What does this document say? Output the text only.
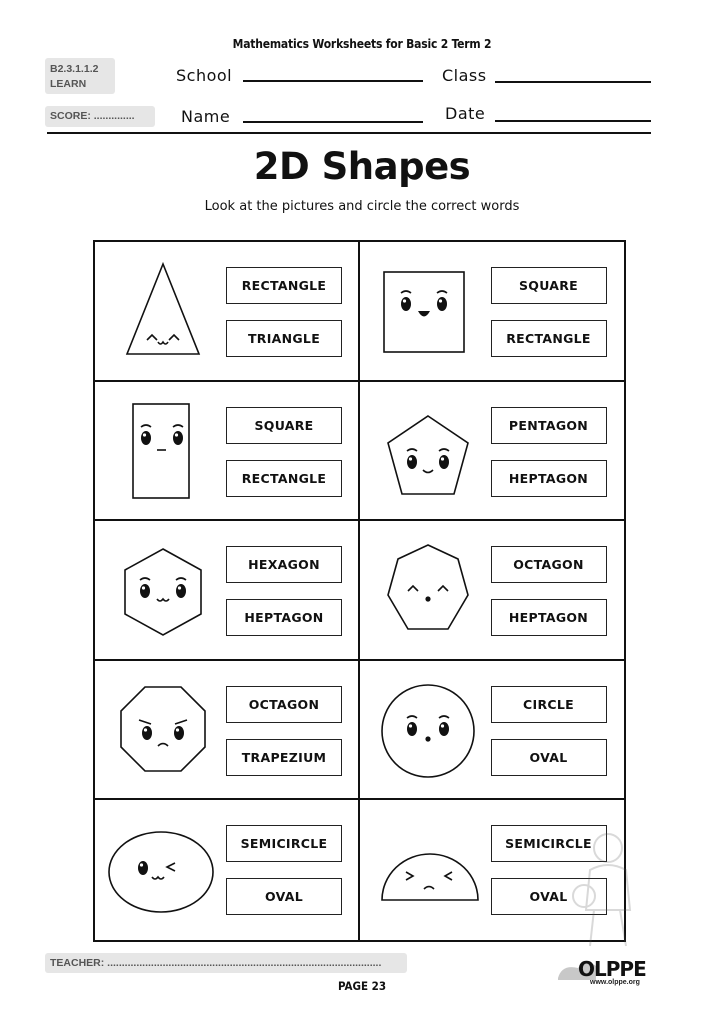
Mathematics Worksheets for Basic 2 Term 2
B2.3.1.1.2
LEARN
SCORE: ..............
School	Class
Name	Date
2D Shapes
Look at the pictures and circle the correct words
RECTANGLE
TRIANGLE
SQUARE
RECTANGLE
SQUARE
RECTANGLE
PENTAGON
HEPTAGON
HEXAGON
HEPTAGON
OCTAGON
HEPTAGON
OCTAGON
TRAPEZIUM
CIRCLE
OVAL
SEMICIRCLE
OVAL
SEMICIRCLE
OVAL
TEACHER: ..............................................................................................
PAGE 23
OLPPE
www.olppe.org
